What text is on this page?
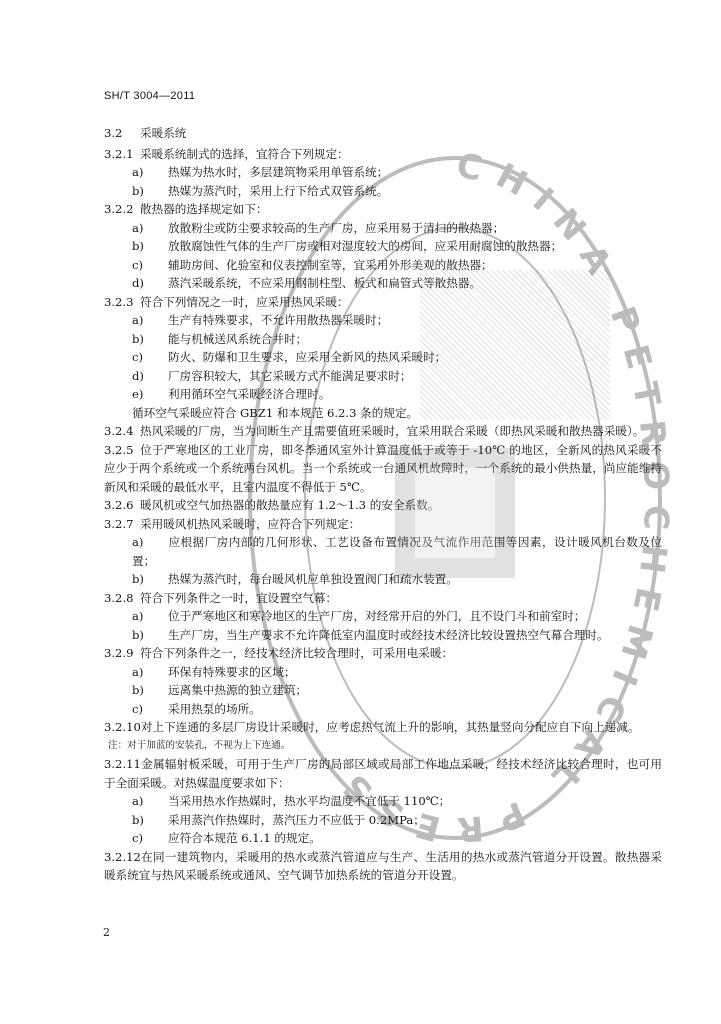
SH/T 3004—2011

3.2 采暖系统

3.2.1 采暖系统制式的选择，宜符合下列规定：

a) 热媒为热水时，多层建筑物采用单管系统；

b) 热媒为蒸汽时，采用上行下给式双管系统。

3.2.2 散热器的选择规定如下：

a) 放散粉尘或防尘要求较高的生产厂房，应采用易于清扫的散热器；

b) 放散腐蚀性气体的生产厂房或相对湿度较大的房间，应采用耐腐蚀的散热器；

c) 辅助房间、化验室和仪表控制室等，宜采用外形美观的散热器；

d) 蒸汽采暖系统，不应采用钢制柱型、板式和扁管式等散热器。

3.2.3 符合下列情况之一时，应采用热风采暖：

a) 生产有特殊要求，不允许用散热器采暖时；

b) 能与机械送风系统合并时；

c) 防火、防爆和卫生要求，应采用全新风的热风采暖时；

d) 厂房容积较大，其它采暖方式不能满足要求时；

e) 利用循环空气采暖经济合理时。

循环空气采暖应符合 GBZ1 和本规范 6.2.3 条的规定。

3.2.4 热风采暖的厂房，当为间断生产且需要值班采暖时，宜采用联合采暖（即热风采暖和散热器采暖）。

3.2.5 位于严寒地区的工业厂房，即冬季通风室外计算温度低于或等于 -10℃ 的地区，全新风的热风采暖不应少于两个系统或一个系统两台风机。当一个系统或一台通风机故障时，一个系统的最小供热量，尚应能维持新风和采暖的最低水平，且室内温度不得低于 5℃。

3.2.6 暖风机或空气加热器的散热量应有 1.2～1.3 的安全系数。

3.2.7 采用暖风机热风采暖时，应符合下列规定：

a) 应根据厂房内部的几何形状、工艺设备布置情况及气流作用范围等因素，设计暖风机台数及位置；

b) 热媒为蒸汽时，每台暖风机应单独设置阀门和疏水装置。

3.2.8 符合下列条件之一时，宜设置空气幕：

a) 位于严寒地区和寒冷地区的生产厂房，对经常开启的外门，且不设门斗和前室时；

b) 生产厂房，当生产要求不允许降低室内温度时或经技术经济比较设置热空气幕合理时。

3.2.9 符合下列条件之一，经技术经济比较合理时，可采用电采暖：

a) 环保有特殊要求的区域；

b) 远离集中热源的独立建筑；

c) 采用热泵的场所。

3.2.10对上下连通的多层厂房设计采暖时，应考虑热气流上升的影响，其热量竖向分配应自下向上递减。

注：对于加蓝的安装孔，不视为上下连通。

3.2.11金属辐射板采暖，可用于生产厂房的局部区域或局部工作地点采暖，经技术经济比较合理时，也可用于全面采暖。对热媒温度要求如下：

a) 当采用热水作热媒时，热水平均温度不宜低于 110℃；

b) 采用蒸汽作热媒时，蒸汽压力不应低于 0.2MPa；

c) 应符合本规范 6.1.1 的规定。

3.2.12在同一建筑物内，采暖用的热水或蒸汽管道应与生产、生活用的热水或蒸汽管道分开设置。散热器采暖系统宜与热风采暖系统或通风、空气调节加热系统的管道分开设置。

CHINA PETROCHEMICAL PRESS
2
